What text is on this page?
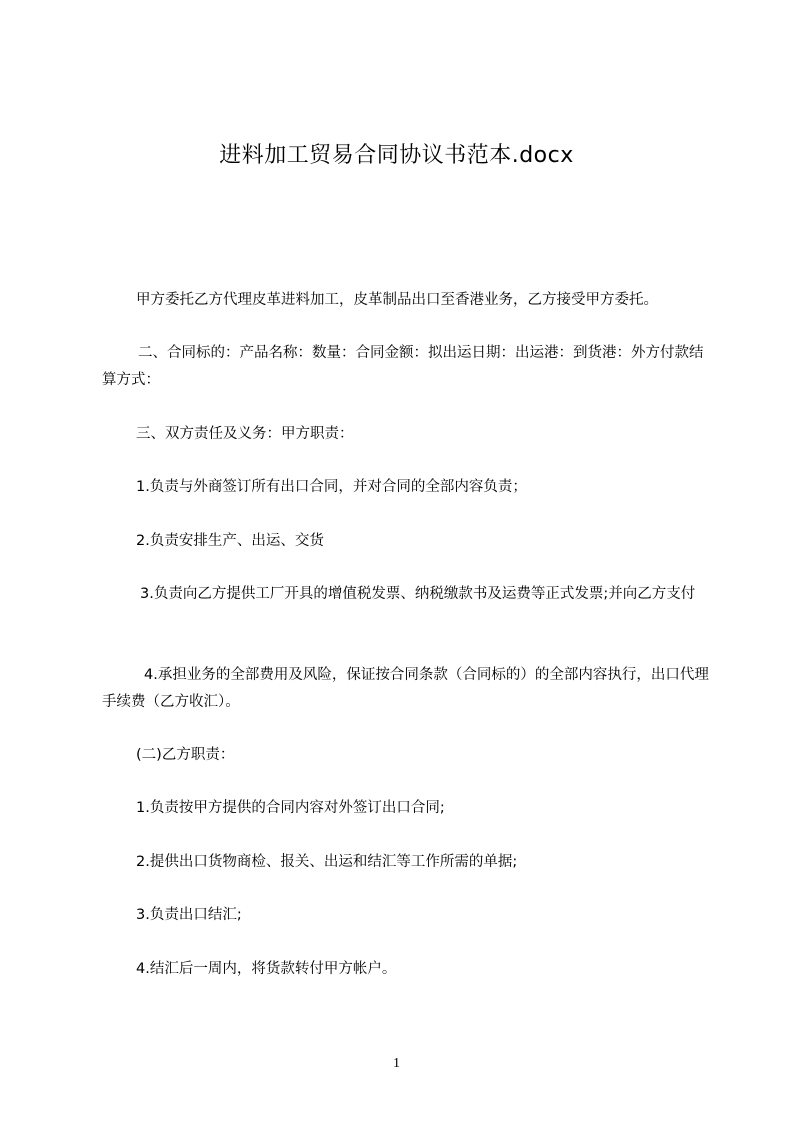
进料加工贸易合同协议书范本.docx
甲方委托乙方代理皮革进料加工，皮革制品出口至香港业务，乙方接受甲方委托。
二、合同标的：产品名称：数量：合同金额：拟出运日期：出运港：到货港：外方付款结算方式：
三、双方责任及义务：甲方职责：
1.负责与外商签订所有出口合同，并对合同的全部内容负责；
2.负责安排生产、出运、交货
3.负责向乙方提供工厂开具的增值税发票、纳税缴款书及运费等正式发票;并向乙方支付
4.承担业务的全部费用及风险，保证按合同条款（合同标的）的全部内容执行，出口代理手续费（乙方收汇）。
(二)乙方职责：
1.负责按甲方提供的合同内容对外签订出口合同;
2.提供出口货物商检、报关、出运和结汇等工作所需的单据;
3.负责出口结汇;
4.结汇后一周内，将货款转付甲方帐户。
1
